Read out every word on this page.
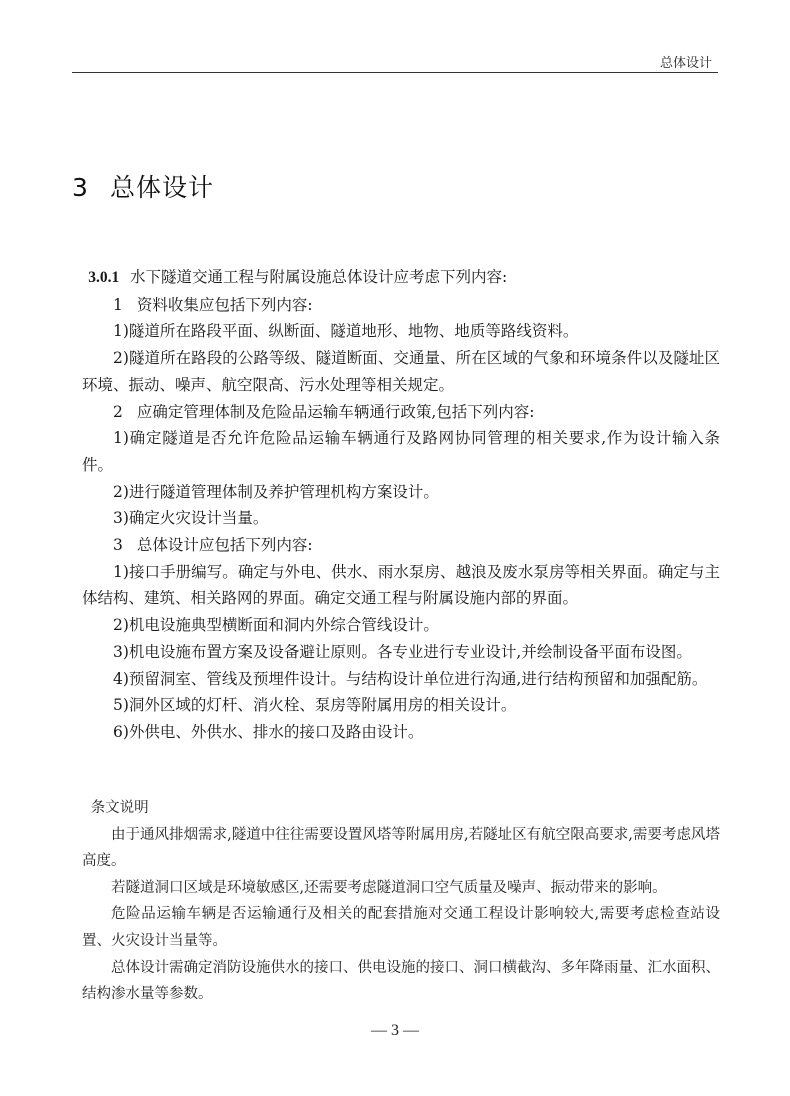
总体设计
3 总体设计

3.0.1 水下隧道交通工程与附属设施总体设计应考虑下列内容:

1 资料收集应包括下列内容:

1)隧道所在路段平面、纵断面、隧道地形、地物、地质等路线资料。

2)隧道所在路段的公路等级、隧道断面、交通量、所在区域的气象和环境条件以及隧址区环境、振动、噪声、航空限高、污水处理等相关规定。

2 应确定管理体制及危险品运输车辆通行政策,包括下列内容:

1)确定隧道是否允许危险品运输车辆通行及路网协同管理的相关要求,作为设计输入条件。

2)进行隧道管理体制及养护管理机构方案设计。

3)确定火灾设计当量。

3 总体设计应包括下列内容:

1)接口手册编写。确定与外电、供水、雨水泵房、越浪及废水泵房等相关界面。确定与主体结构、建筑、相关路网的界面。确定交通工程与附属设施内部的界面。

2)机电设施典型横断面和洞内外综合管线设计。

3)机电设施布置方案及设备避让原则。各专业进行专业设计,并绘制设备平面布设图。

4)预留洞室、管线及预埋件设计。与结构设计单位进行沟通,进行结构预留和加强配筋。

5)洞外区域的灯杆、消火栓、泵房等附属用房的相关设计。

6)外供电、外供水、排水的接口及路由设计。

条文说明

由于通风排烟需求,隧道中往往需要设置风塔等附属用房,若隧址区有航空限高要求,需要考虑风塔高度。

若隧道洞口区域是环境敏感区,还需要考虑隧道洞口空气质量及噪声、振动带来的影响。

危险品运输车辆是否运输通行及相关的配套措施对交通工程设计影响较大,需要考虑检查站设置、火灾设计当量等。

总体设计需确定消防设施供水的接口、供电设施的接口、洞口横截沟、多年降雨量、汇水面积、结构渗水量等参数。

— 3 —
